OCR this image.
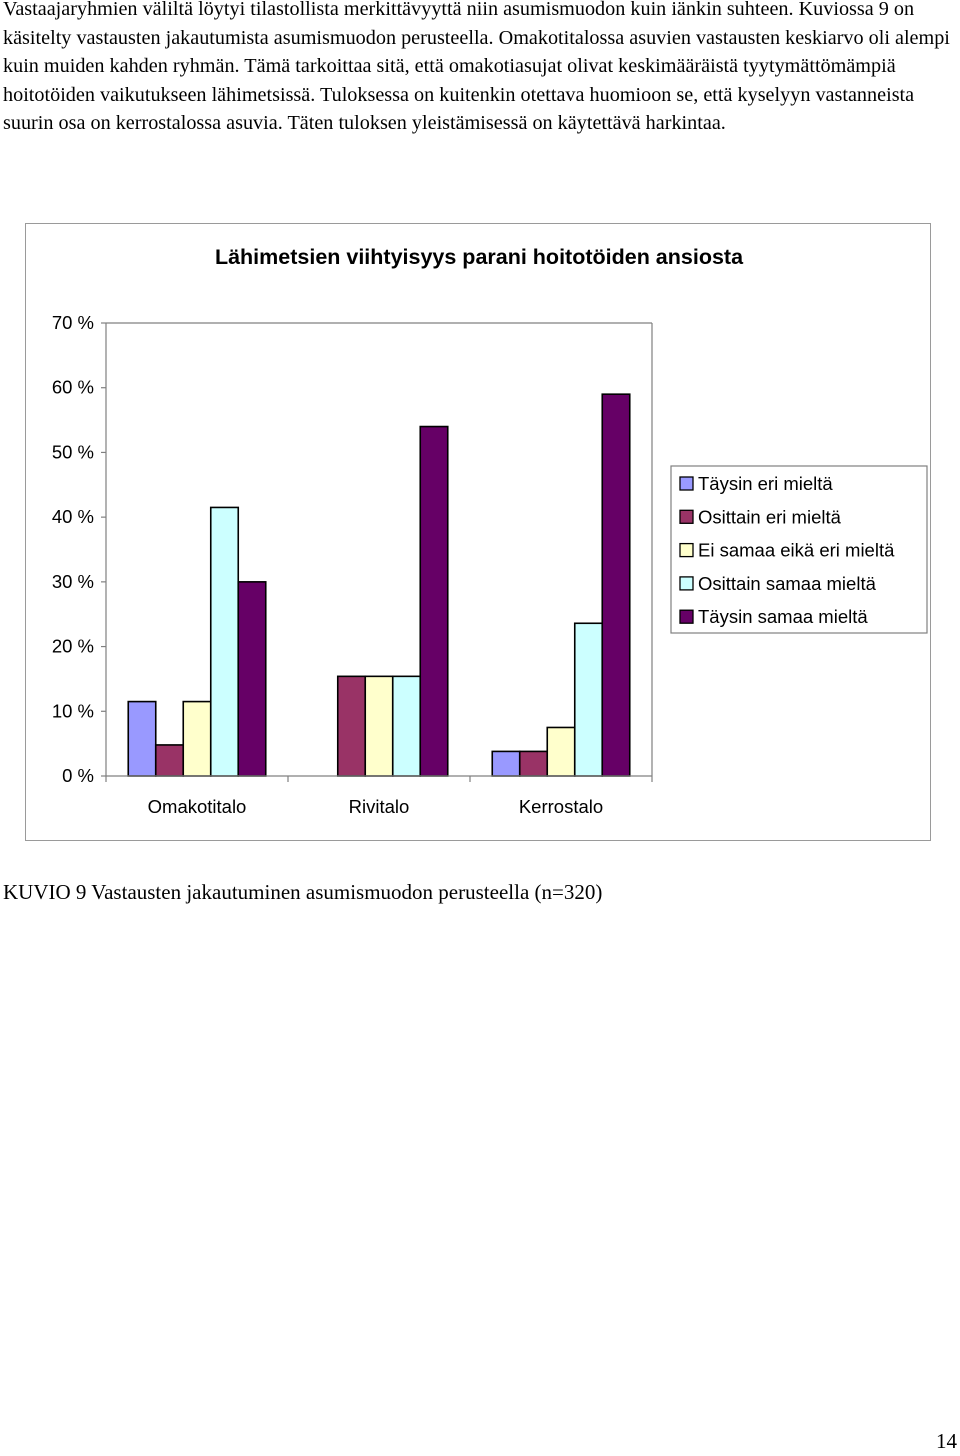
Vastaajaryhmien väliltä löytyi tilastollista merkittävyyttä niin asumismuodon kuin iänkin suhteen. Kuviossa 9 on käsitelty vastausten jakautumista asumismuodon perusteella. Omakotitalossa asuvien vastausten keskiarvo oli alempi kuin muiden kahden ryhmän. Tämä tarkoittaa sitä, että omakotiasujat olivat keskimääräistä tyytymättömämpiä hoitotöiden vaikutukseen lähimetsissä. Tuloksessa on kuitenkin otettava huomioon se, että kyselyyn vastanneista suurin osa on kerrostalossa asuvia. Täten tuloksen yleistämisessä on käytettävä harkintaa.

Lähimetsien viihtyisyys parani hoitotöiden ansiosta
0 %
10 %
20 %
30 %
40 %
50 %
60 %
70 %
Omakotitalo	Rivitalo	Kerrostalo
Täysin eri mieltä
Osittain eri mieltä
Ei samaa eikä eri mieltä
Osittain samaa mieltä
Täysin samaa mieltä
KUVIO 9 Vastausten jakautuminen asumismuodon perusteella (n=320)
14
